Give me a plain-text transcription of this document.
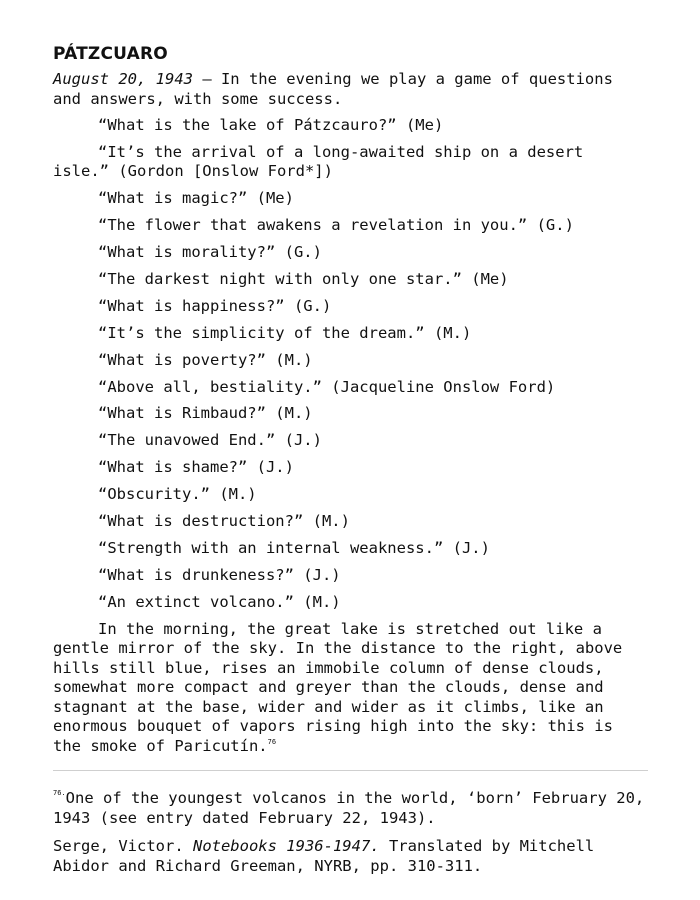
PÁTZCUARO

August 20, 1943 – In the evening we play a game of questions and answers, with some success.

“What is the lake of Pátzcauro?” (Me)

“It’s the arrival of a long-awaited ship on a desert isle.” (Gordon [Onslow Ford*])

“What is magic?” (Me)

“The flower that awakens a revelation in you.” (G.)

“What is morality?” (G.)

“The darkest night with only one star.” (Me)

“What is happiness?” (G.)

“It’s the simplicity of the dream.” (M.)

“What is poverty?” (M.)

“Above all, bestiality.” (Jacqueline Onslow Ford)

“What is Rimbaud?” (M.)

“The unavowed End.” (J.)

“What is shame?” (J.)

“Obscurity.” (M.)

“What is destruction?” (M.)

“Strength with an internal weakness.” (J.)

“What is drunkeness?” (J.)

“An extinct volcano.” (M.)

In the morning, the great lake is stretched out like a gentle mirror of the sky. In the distance to the right, above hills still blue, rises an immobile column of dense clouds, somewhat more compact and greyer than the clouds, dense and stagnant at the base, wider and wider as it climbs, like an enormous bouquet of vapors rising high into the sky: this is the smoke of Paricutín.$^{76}$

$^{76.}$One of the youngest volcanos in the world, ‘born’ February 20, 1943 (see entry dated February 22, 1943).

Serge, Victor. Notebooks 1936-1947. Translated by Mitchell Abidor and Richard Greeman, NYRB, pp. 310-311.
